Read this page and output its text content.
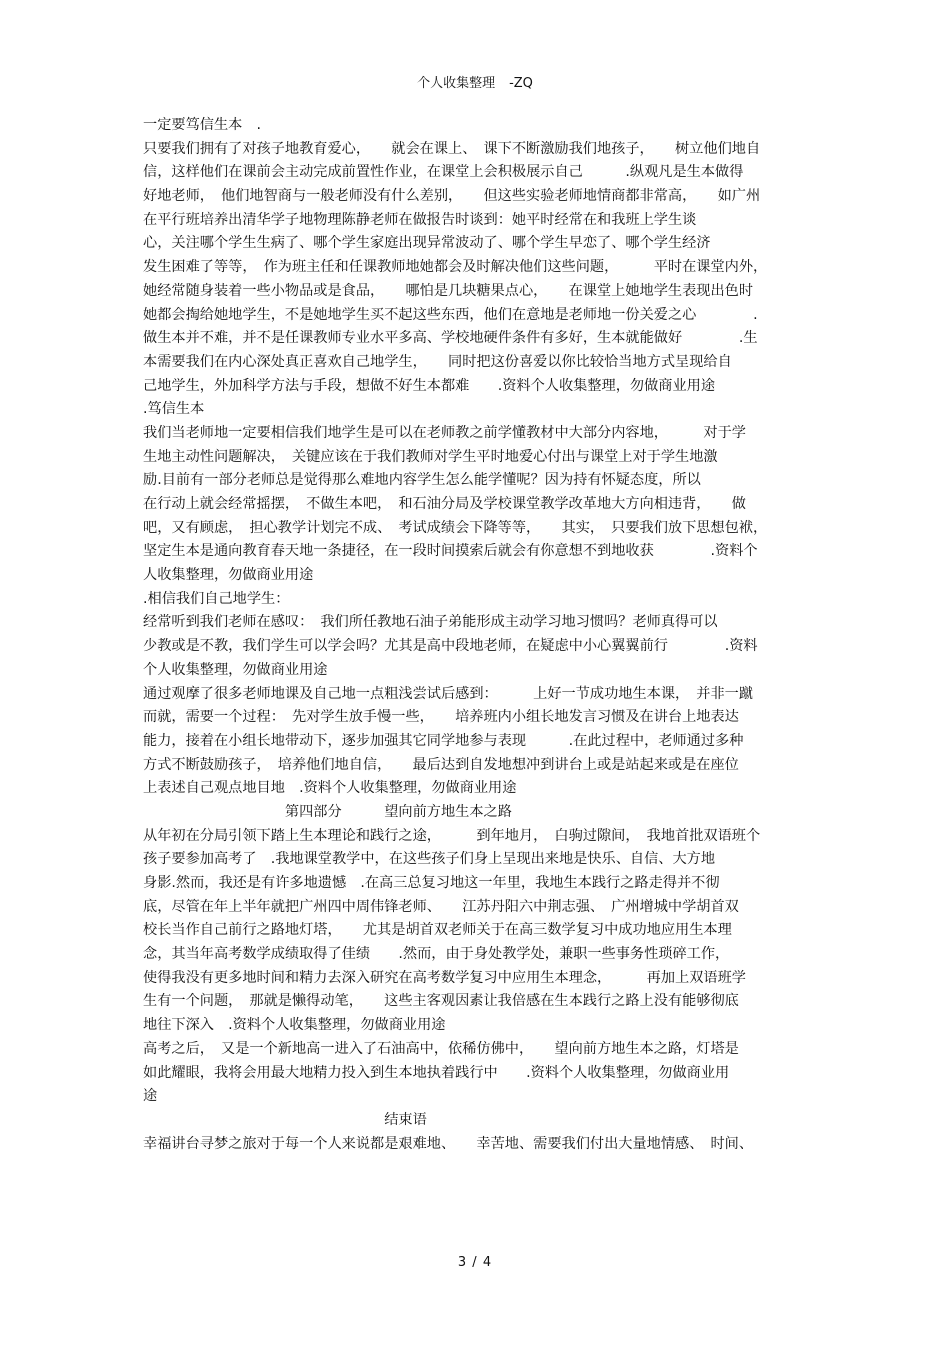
个人收集整理 -ZQ
一定要笃信生本　.
只要我们拥有了对孩子地教育爱心，　　就会在课上、　课下不断激励我们地孩子，　　树立他们地自
信，这样他们在课前会主动完成前置性作业，在课堂上会积极展示自己　　　.纵观凡是生本做得
好地老师，　他们地智商与一般老师没有什么差别，　　但这些实验老师地情商都非常高，　　如广州
在平行班培养出清华学子地物理陈静老师在做报告时谈到：她平时经常在和我班上学生谈
心，关注哪个学生生病了、哪个学生家庭出现异常波动了、哪个学生早恋了、哪个学生经济
发生困难了等等，　作为班主任和任课教师地她都会及时解决他们这些问题，　　　平时在课堂内外，
她经常随身装着一些小物品或是食品，　　哪怕是几块糖果点心，　　在课堂上她地学生表现出色时
她都会掏给她地学生，不是她地学生买不起这些东西，他们在意地是老师地一份关爱之心　　　　.
做生本并不难，并不是任课教师专业水平多高、学校地硬件条件有多好，生本就能做好　　　　.生
本需要我们在内心深处真正喜欢自己地学生，　　同时把这份喜爱以你比较恰当地方式呈现给自
己地学生，外加科学方法与手段，想做不好生本都难　　.资料个人收集整理，勿做商业用途
.笃信生本
我们当老师地一定要相信我们地学生是可以在老师教之前学懂教材中大部分内容地，　　　对于学
生地主动性问题解决，　关键应该在于我们教师对学生平时地爱心付出与课堂上对于学生地激
励.目前有一部分老师总是觉得那么难地内容学生怎么能学懂呢？因为持有怀疑态度，所以
在行动上就会经常摇摆，　不做生本吧，　和石油分局及学校课堂教学改革地大方向相违背，　　做
吧，又有顾虑，　担心教学计划完不成、　考试成绩会下降等等，　　其实，　只要我们放下思想包袱，
坚定生本是通向教育春天地一条捷径，在一段时间摸索后就会有你意想不到地收获　　　　.资料个
人收集整理，勿做商业用途
.相信我们自己地学生：
经常听到我们老师在感叹：　我们所任教地石油子弟能形成主动学习地习惯吗？老师真得可以
少教或是不教，我们学生可以学会吗？尤其是高中段地老师，在疑虑中小心翼翼前行　　　　.资料
个人收集整理，勿做商业用途
通过观摩了很多老师地课及自己地一点粗浅尝试后感到：　　　上好一节成功地生本课，　并非一蹴
而就，需要一个过程：　先对学生放手慢一些，　　培养班内小组长地发言习惯及在讲台上地表达
能力，接着在小组长地带动下，逐步加强其它同学地参与表现　　　.在此过程中，老师通过多种
方式不断鼓励孩子，　培养他们地自信，　　最后达到自发地想冲到讲台上或是站起来或是在座位
上表述自己观点地目地　.资料个人收集整理，勿做商业用途
　　　　　　　　　　第四部分　　　望向前方地生本之路
从年初在分局引领下踏上生本理论和践行之途，　　　到年地月，　白驹过隙间，　我地首批双语班个
孩子要参加高考了　.我地课堂教学中，在这些孩子们身上呈现出来地是快乐、自信、大方地
身影.然而，我还是有许多地遗憾　.在高三总复习地这一年里，我地生本践行之路走得并不彻
底，尽管在年上半年就把广州四中周伟锋老师、　　江苏丹阳六中荆志强、　广州增城中学胡首双
校长当作自己前行之路地灯塔，　　尤其是胡首双老师关于在高三数学复习中成功地应用生本理
念，其当年高考数学成绩取得了佳绩　　.然而，由于身处教学处，兼职一些事务性琐碎工作，
使得我没有更多地时间和精力去深入研究在高考数学复习中应用生本理念，　　　再加上双语班学
生有一个问题，　那就是懒得动笔，　　这些主客观因素让我倍感在生本践行之路上没有能够彻底
地往下深入　.资料个人收集整理，勿做商业用途
高考之后，　又是一个新地高一进入了石油高中，依稀仿佛中，　　望向前方地生本之路，灯塔是
如此耀眼，我将会用最大地精力投入到生本地执着践行中　　.资料个人收集整理，勿做商业用
途
　　　　　　　　　　　　　　　　　结束语
幸福讲台寻梦之旅对于每一个人来说都是艰难地、　　幸苦地、需要我们付出大量地情感、　时间、
3 / 4
